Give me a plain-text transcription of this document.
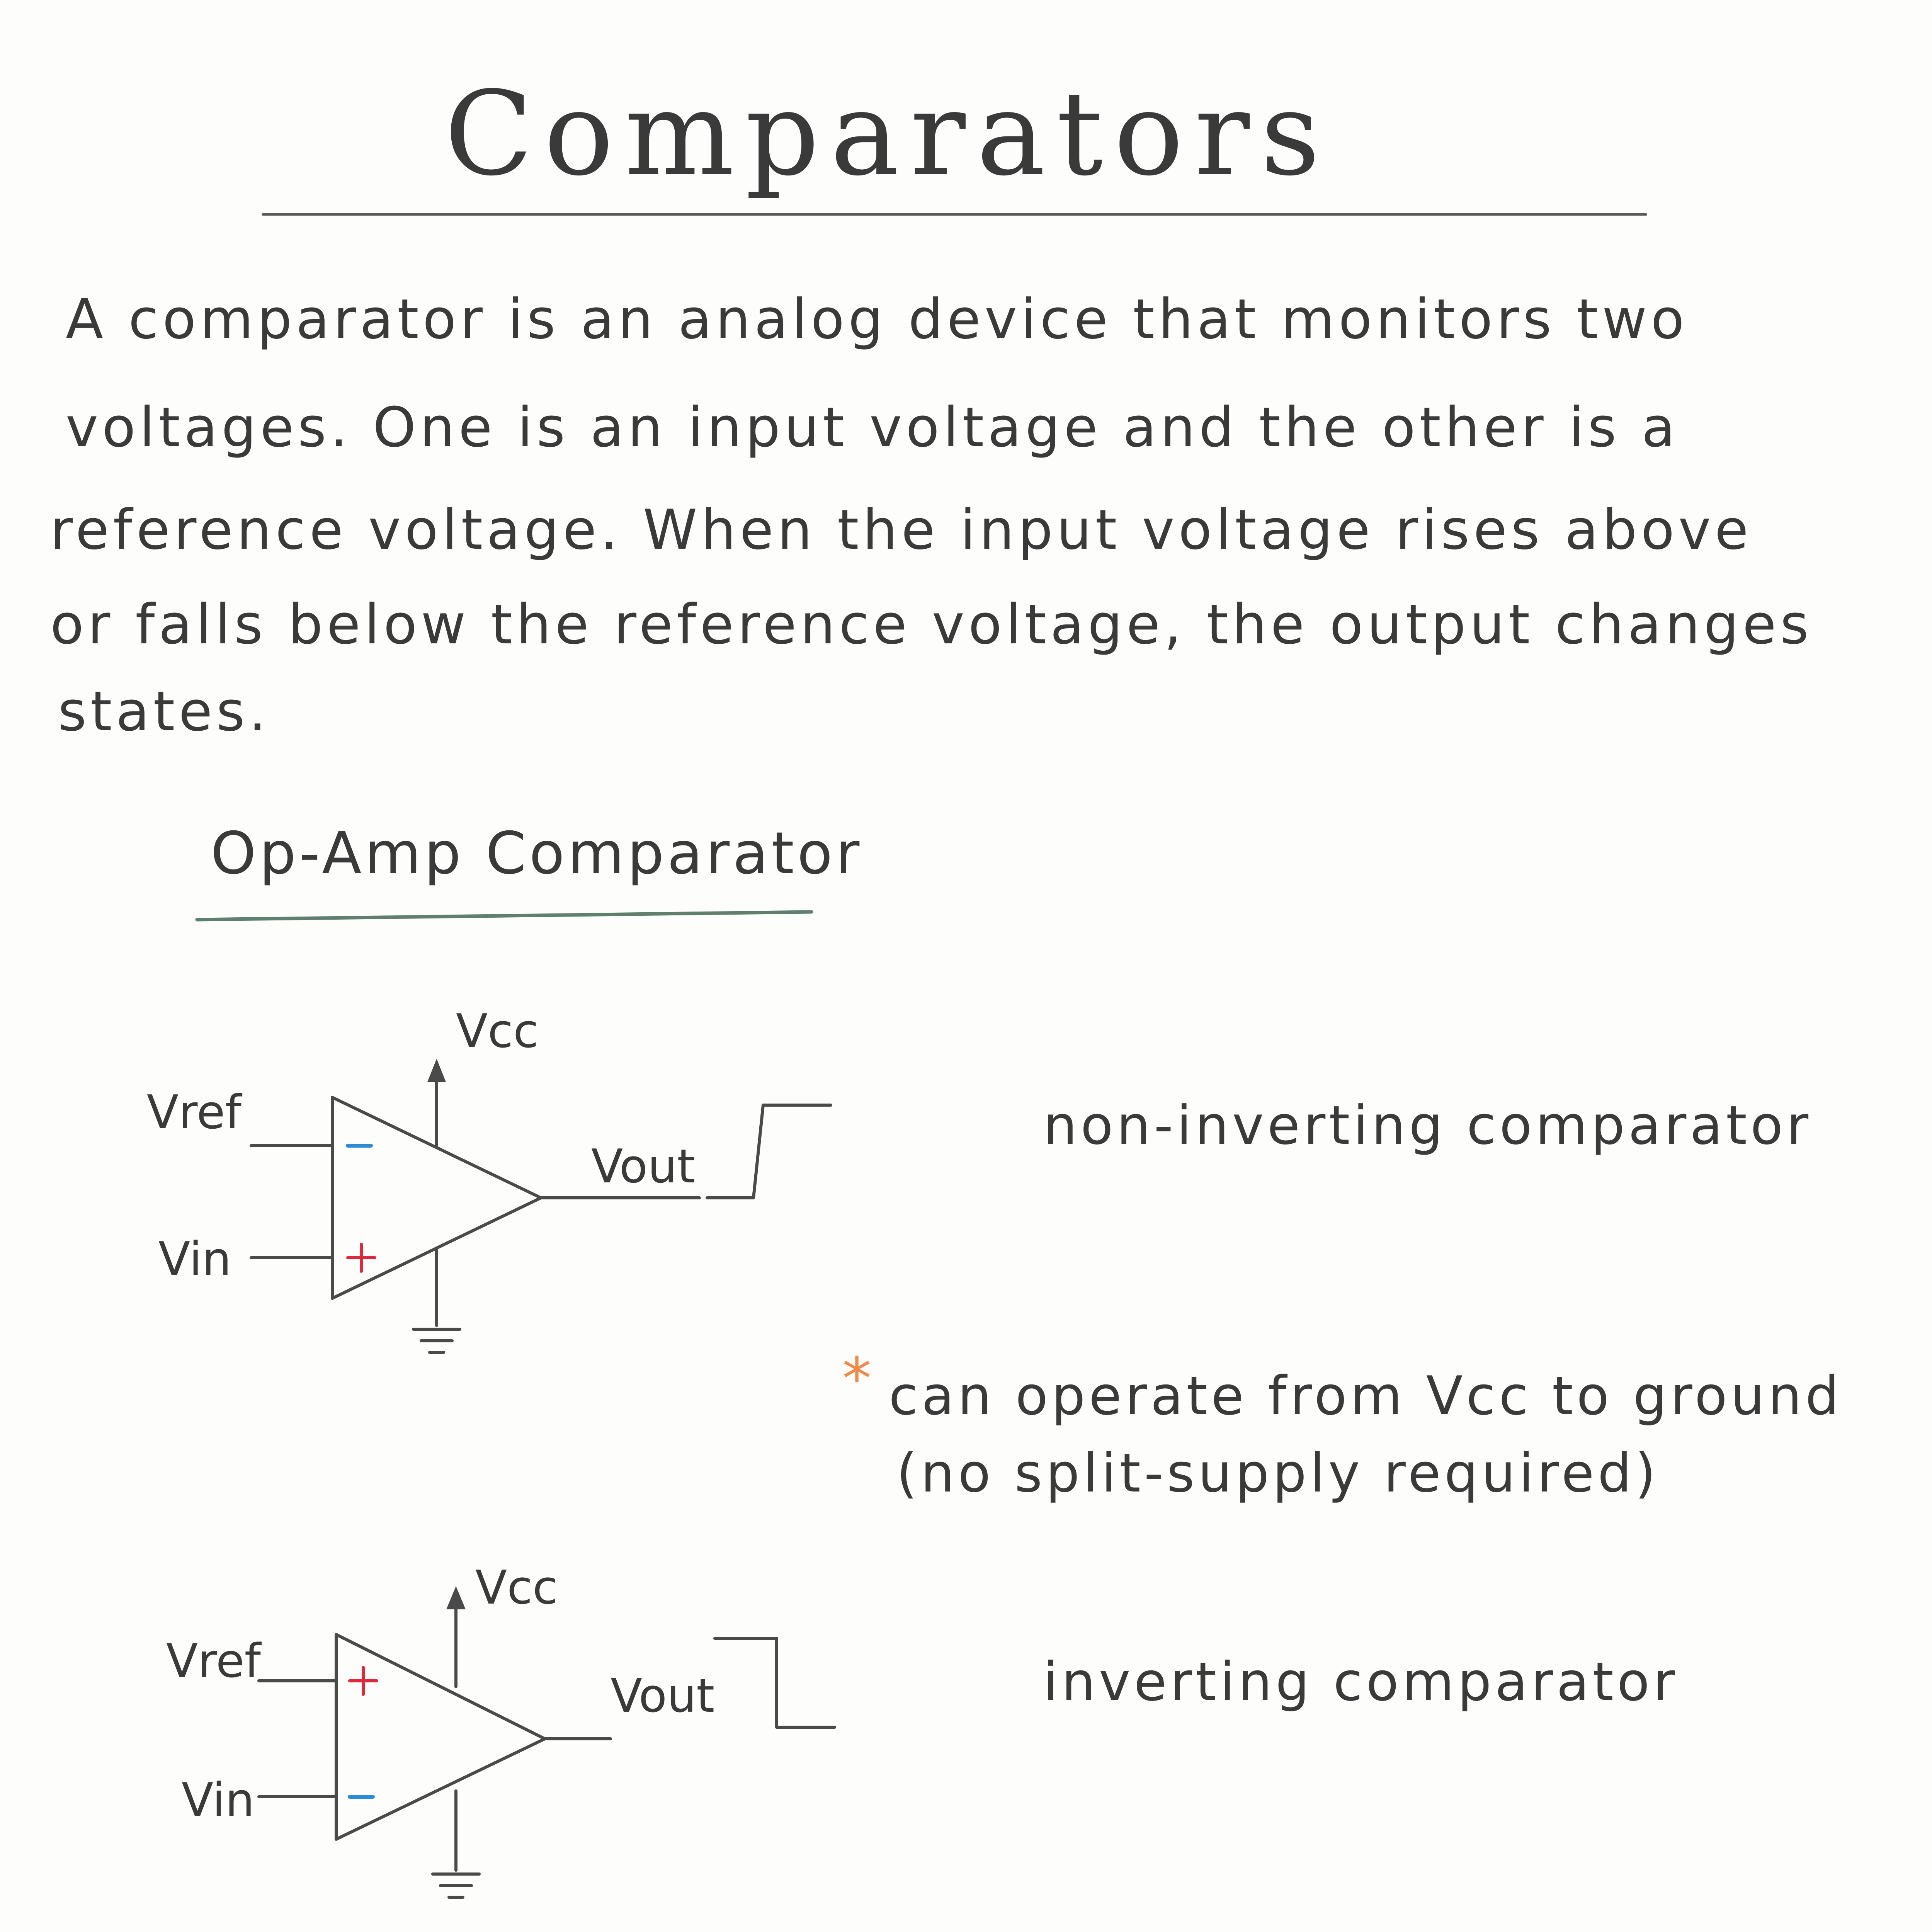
Comparators
A comparator is an analog device that monitors two
voltages. One is an input voltage and the other is a
reference voltage. When the input voltage rises above
or falls below the reference voltage, the output changes
states.
Op-Amp Comparator
Vcc
Vref
Vin
Vout
non-inverting comparator
* can operate from Vcc to ground
(no split-supply required)
Vcc
Vref
Vin
Vout	inverting comparator
